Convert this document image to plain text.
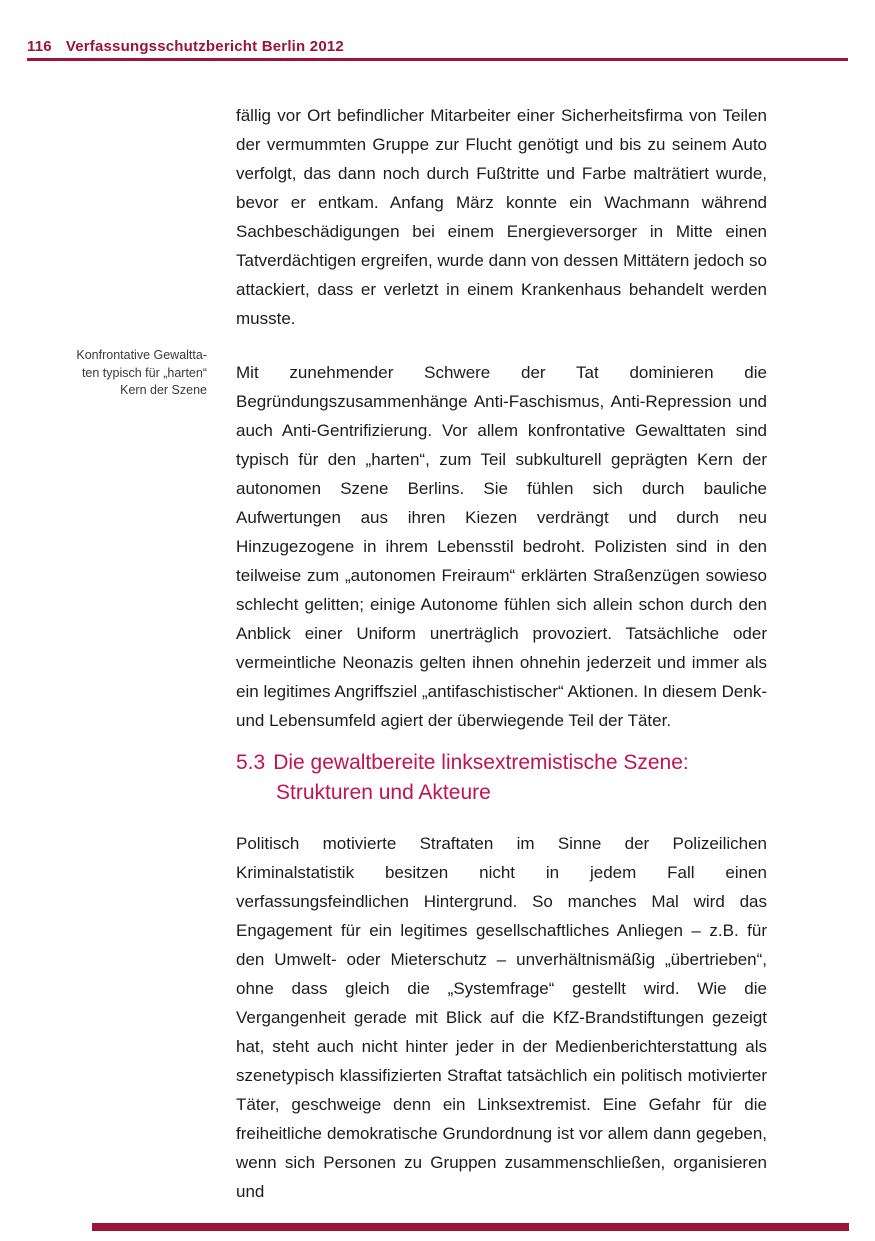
116 Verfassungsschutzbericht Berlin 2012

fällig vor Ort befindlicher Mitarbeiter einer Sicherheitsfirma von Teilen der vermummten Gruppe zur Flucht genötigt und bis zu seinem Auto verfolgt, das dann noch durch Fußtritte und Farbe malträtiert wurde, bevor er entkam. Anfang März konnte ein Wachmann während Sachbeschädigungen bei einem Energieversorger in Mitte einen Tatverdächtigen ergreifen, wurde dann von dessen Mittätern jedoch so attackiert, dass er verletzt in einem Krankenhaus behandelt werden musste.

Konfrontative Gewaltta-
ten typisch für „harten“
Kern der Szene

Mit zunehmender Schwere der Tat dominieren die Begründungszusammenhänge Anti-Faschismus, Anti-Repression und auch Anti-Gentrifizierung. Vor allem konfrontative Gewalttaten sind typisch für den „harten“, zum Teil subkulturell geprägten Kern der autonomen Szene Berlins. Sie fühlen sich durch bauliche Aufwertungen aus ihren Kiezen verdrängt und durch neu Hinzugezogene in ihrem Lebensstil bedroht. Polizisten sind in den teilweise zum „autonomen Freiraum“ erklärten Straßenzügen sowieso schlecht gelitten; einige Autonome fühlen sich allein schon durch den Anblick einer Uniform unerträglich provoziert. Tatsächliche oder vermeintliche Neonazis gelten ihnen ohnehin jederzeit und immer als ein legitimes Angriffsziel „antifaschistischer“ Aktionen. In diesem Denk- und Lebensumfeld agiert der überwiegende Teil der Täter.

5.3 Die gewaltbereite linksextremistische Szene:
Strukturen und Akteure

Politisch motivierte Straftaten im Sinne der Polizeilichen Kriminalstatistik besitzen nicht in jedem Fall einen verfassungsfeindlichen Hintergrund. So manches Mal wird das Engagement für ein legitimes gesellschaftliches Anliegen – z.B. für den Umwelt- oder Mieterschutz – unverhältnismäßig „übertrieben“, ohne dass gleich die „Systemfrage“ gestellt wird. Wie die Vergangenheit gerade mit Blick auf die KfZ-Brandstiftungen gezeigt hat, steht auch nicht hinter jeder in der Medienberichterstattung als szenetypisch klassifizierten Straftat tatsächlich ein politisch motivierter Täter, geschweige denn ein Linksextremist. Eine Gefahr für die freiheitliche demokratische Grundordnung ist vor allem dann gegeben, wenn sich Personen zu Gruppen zusammenschließen, organisieren und
